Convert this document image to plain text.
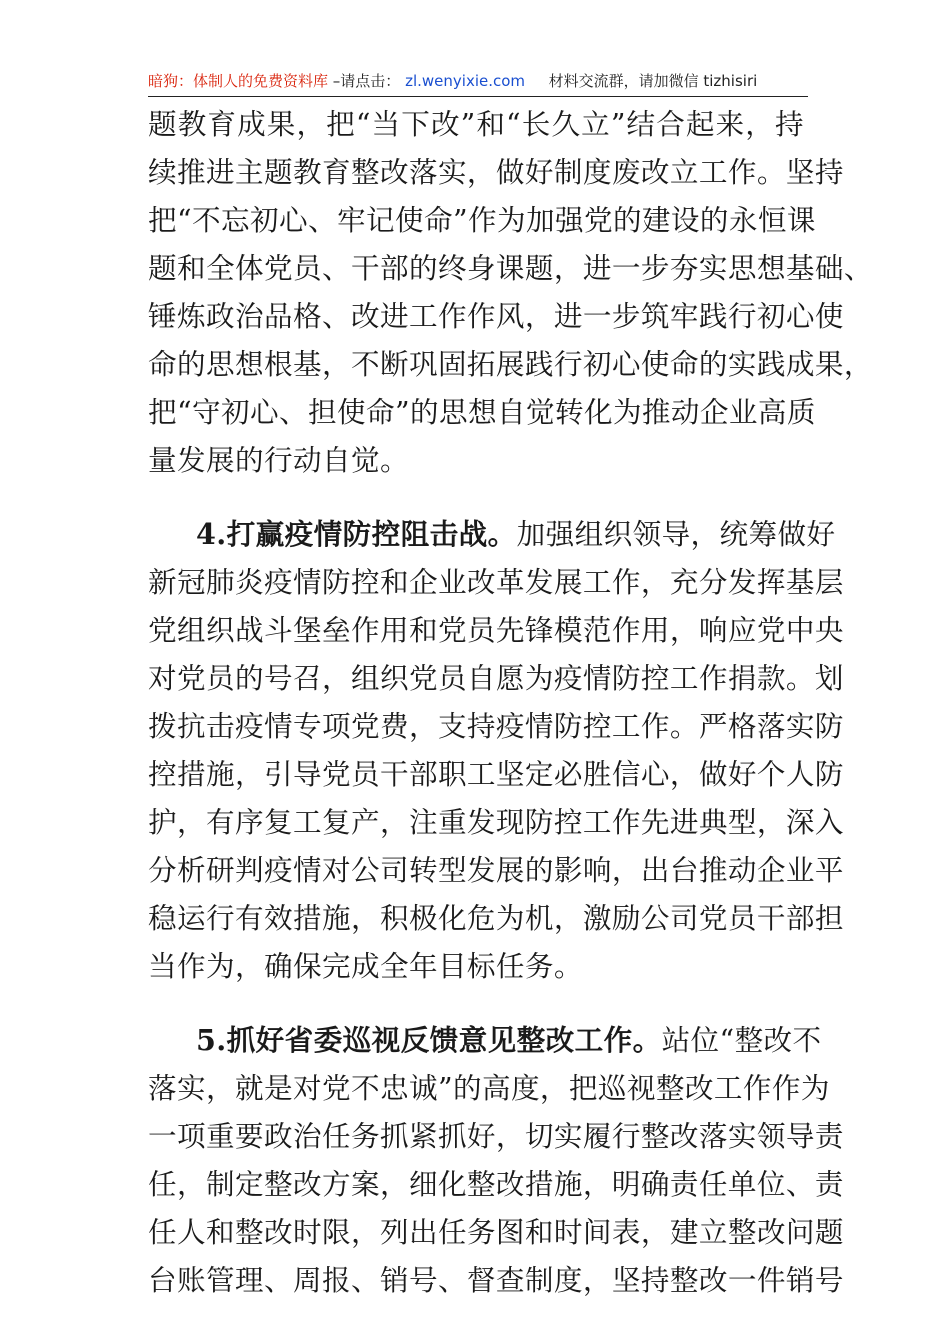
暗狗：体制人的免费资料库 –请点击： zl.wenyixie.com 材料交流群，请加微信 tizhisiri
题教育成果，把“当下改”和“长久立”结合起来，持
续推进主题教育整改落实，做好制度废改立工作。坚持
把“不忘初心、牢记使命”作为加强党的建设的永恒课
题和全体党员、干部的终身课题，进一步夯实思想基础、
锤炼政治品格、改进工作作风，进一步筑牢践行初心使
命的思想根基，不断巩固拓展践行初心使命的实践成果，
把“守初心、担使命”的思想自觉转化为推动企业高质
量发展的行动自觉。
4.打赢疫情防控阻击战。加强组织领导，统筹做好
新冠肺炎疫情防控和企业改革发展工作，充分发挥基层
党组织战斗堡垒作用和党员先锋模范作用，响应党中央
对党员的号召，组织党员自愿为疫情防控工作捐款。划
拨抗击疫情专项党费，支持疫情防控工作。严格落实防
控措施，引导党员干部职工坚定必胜信心，做好个人防
护，有序复工复产，注重发现防控工作先进典型，深入
分析研判疫情对公司转型发展的影响，出台推动企业平
稳运行有效措施，积极化危为机，激励公司党员干部担
当作为，确保完成全年目标任务。
5.抓好省委巡视反馈意见整改工作。站位“整改不
落实，就是对党不忠诚”的高度，把巡视整改工作作为
一项重要政治任务抓紧抓好，切实履行整改落实领导责
任，制定整改方案，细化整改措施，明确责任单位、责
任人和整改时限，列出任务图和时间表，建立整改问题
台账管理、周报、销号、督查制度，坚持整改一件销号
